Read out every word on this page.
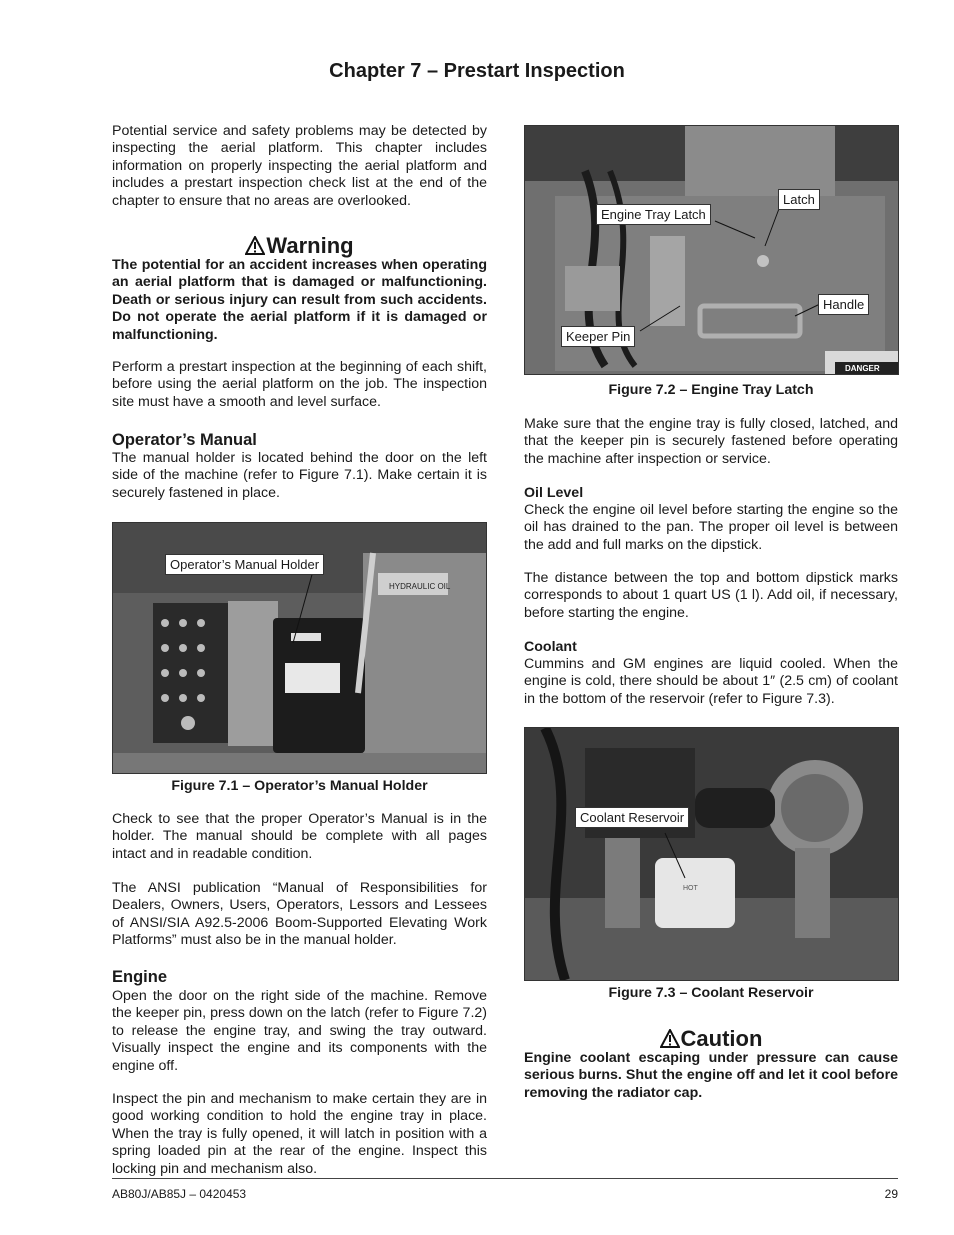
Chapter 7 – Prestart Inspection

Potential service and safety problems may be detected by inspecting the aerial platform. This chapter includes information on properly inspecting the aerial platform and includes a prestart inspection check list at the end of the chapter to ensure that no areas are overlooked.

Warning

The potential for an accident increases when operating an aerial platform that is damaged or malfunctioning. Death or serious injury can result from such accidents. Do not operate the aerial platform if it is damaged or malfunctioning.

Perform a prestart inspection at the beginning of each shift, before using the aerial platform on the job. The inspection site must have a smooth and level surface.

Operator’s Manual

The manual holder is located behind the door on the left side of the machine (refer to Figure 7.1). Make certain it is securely fastened in place.

HYDRAULIC OIL
Operator’s Manual Holder

Figure 7.1 – Operator’s Manual Holder

Check to see that the proper Operator’s Manual is in the holder. The manual should be complete with all pages intact and in readable condition.

The ANSI publication “Manual of Responsibilities for Dealers, Owners, Users, Operators, Lessors and Lessees of ANSI/SIA A92.5-2006 Boom-Supported Elevating Work Platforms” must also be in the manual holder.

Engine

Open the door on the right side of the machine. Remove the keeper pin, press down on the latch (refer to Figure 7.2) to release the engine tray, and swing the tray outward. Visually inspect the engine and its components with the engine off.

Inspect the pin and mechanism to make certain they are in good working condition to hold the engine tray in place. When the tray is fully opened, it will latch in position with a spring loaded pin at the rear of the engine. Inspect this locking pin and mechanism also.

DANGER
Engine Tray Latch
Latch
Handle
Keeper Pin

Figure 7.2 – Engine Tray Latch

Make sure that the engine tray is fully closed, latched, and that the keeper pin is securely fastened before operating the machine after inspection or service.

Oil Level

Check the engine oil level before starting the engine so the oil has drained to the pan. The proper oil level is between the add and full marks on the dipstick.

The distance between the top and bottom dipstick marks corresponds to about 1 quart US (1 l). Add oil, if necessary, before starting the engine.

Coolant

Cummins and GM engines are liquid cooled. When the engine is cold, there should be about 1″ (2.5 cm) of coolant in the bottom of the reservoir (refer to Figure 7.3).

HOT
Coolant Reservoir

Figure 7.3 – Coolant Reservoir

Caution

Engine coolant escaping under pressure can cause serious burns. Shut the engine off and let it cool before removing the radiator cap.

AB80J/AB85J – 0420453	29
